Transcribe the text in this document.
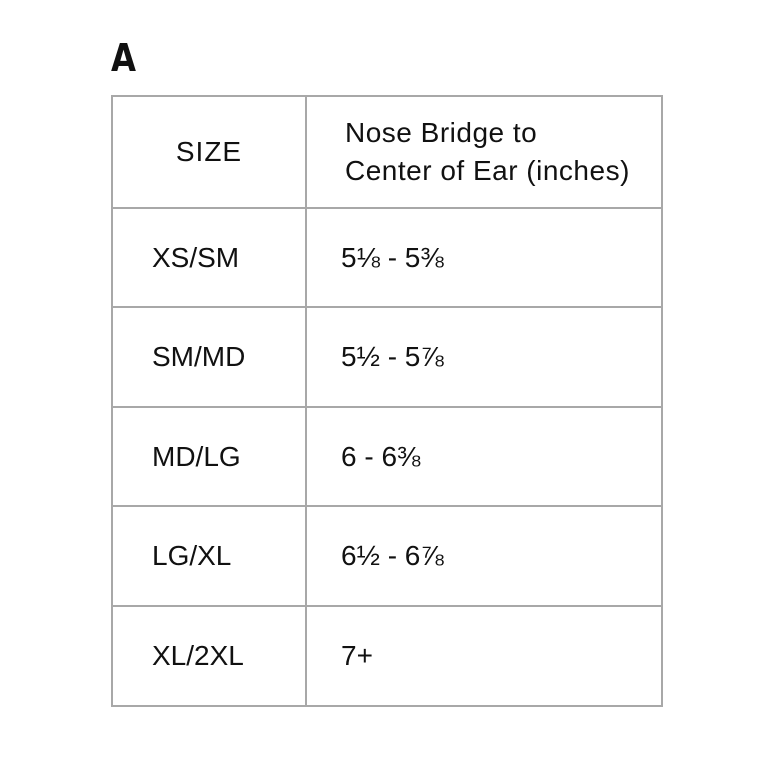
A
SIZE	Nose Bridge to
Center of Ear (inches)

XS/SM	5⅛ - 5⅜
SM/MD	5½ - 5⅞
MD/LG	6 - 6⅜
LG/XL	6½ - 6⅞
XL/2XL	7+
